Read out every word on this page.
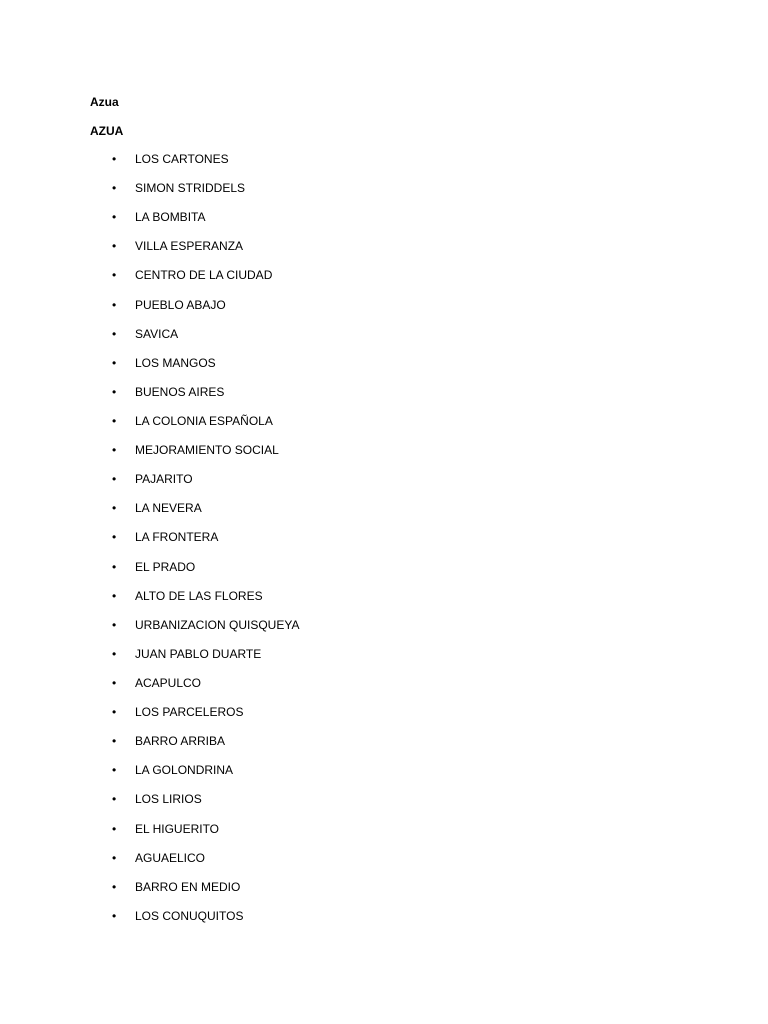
Azua

AZUA

• LOS CARTONES
• SIMON STRIDDELS
• LA BOMBITA
• VILLA ESPERANZA
• CENTRO DE LA CIUDAD
• PUEBLO ABAJO
• SAVICA
• LOS MANGOS
• BUENOS AIRES
• LA COLONIA ESPAÑOLA
• MEJORAMIENTO SOCIAL
• PAJARITO
• LA NEVERA
• LA FRONTERA
• EL PRADO
• ALTO DE LAS FLORES
• URBANIZACION QUISQUEYA
• JUAN PABLO DUARTE
• ACAPULCO
• LOS PARCELEROS
• BARRO ARRIBA
• LA GOLONDRINA
• LOS LIRIOS
• EL HIGUERITO
• AGUAELICO
• BARRO EN MEDIO
• LOS CONUQUITOS
